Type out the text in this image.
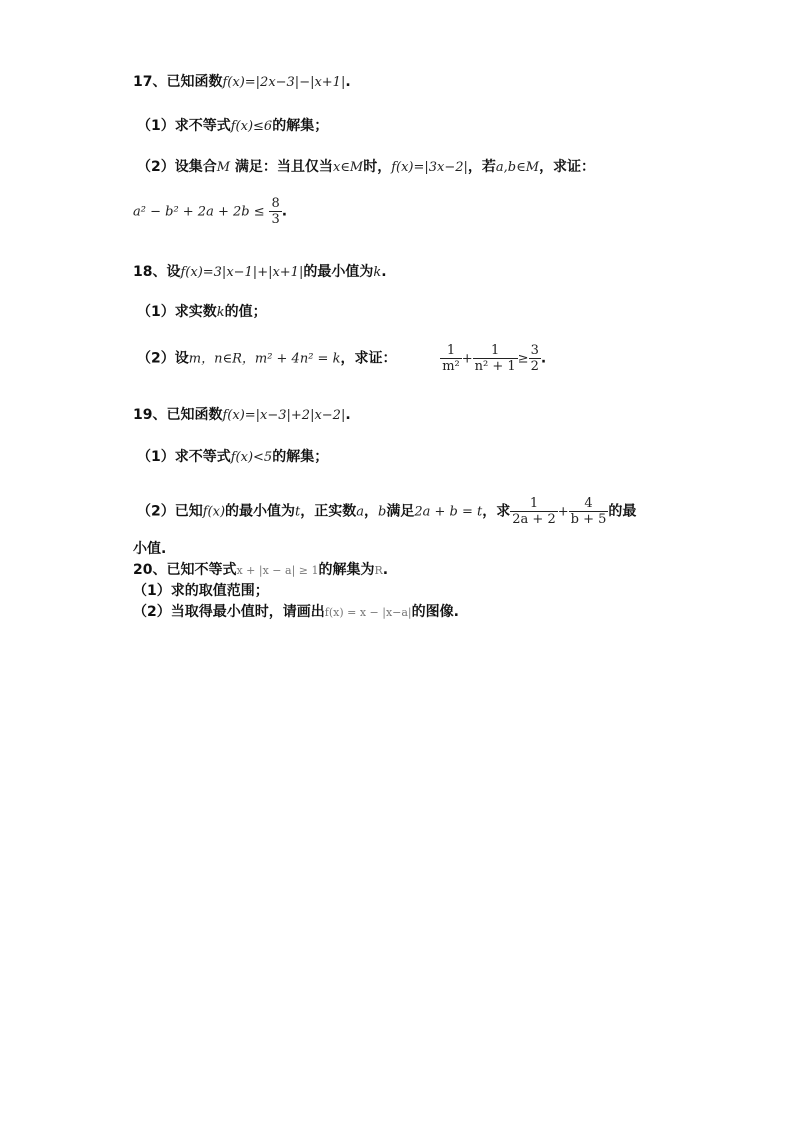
17、已知函数f(x)=|2x−3|−|x+1|.
（1）求不等式f(x)≤6的解集；
（2）设集合M 满足：当且仅当x∈M时，f(x)=|3x−2|，若a,b∈M，求证：
$a^2 - b^2 + 2a + 2b \le \frac{8}{3}$ .
18、设f(x)=3|x−1|+|x+1|的最小值为k.
（1）求实数k的值；
（2）设m，n∈R，m² + 4n² = k，求证：	$\frac{1}{\text{m²}} + \frac{1}{\text{n² + 1}} \ge \frac{3}{2}$ .
19、已知函数f(x)=|x−3|+2|x−2|.
（1）求不等式f(x)<5的解集；
（2）已知f(x)的最小值为t，正实数a，b满足2a + b = t，求 $\frac{1}{2a + 2} + \frac{4}{b + 5}$ 的最
小值.
20、已知不等式x + |x − a| ≥ 1的解集为R.
（1）求的取值范围；
（2）当取得最小值时，请画出f(x) = x − |x−a|的图像.
